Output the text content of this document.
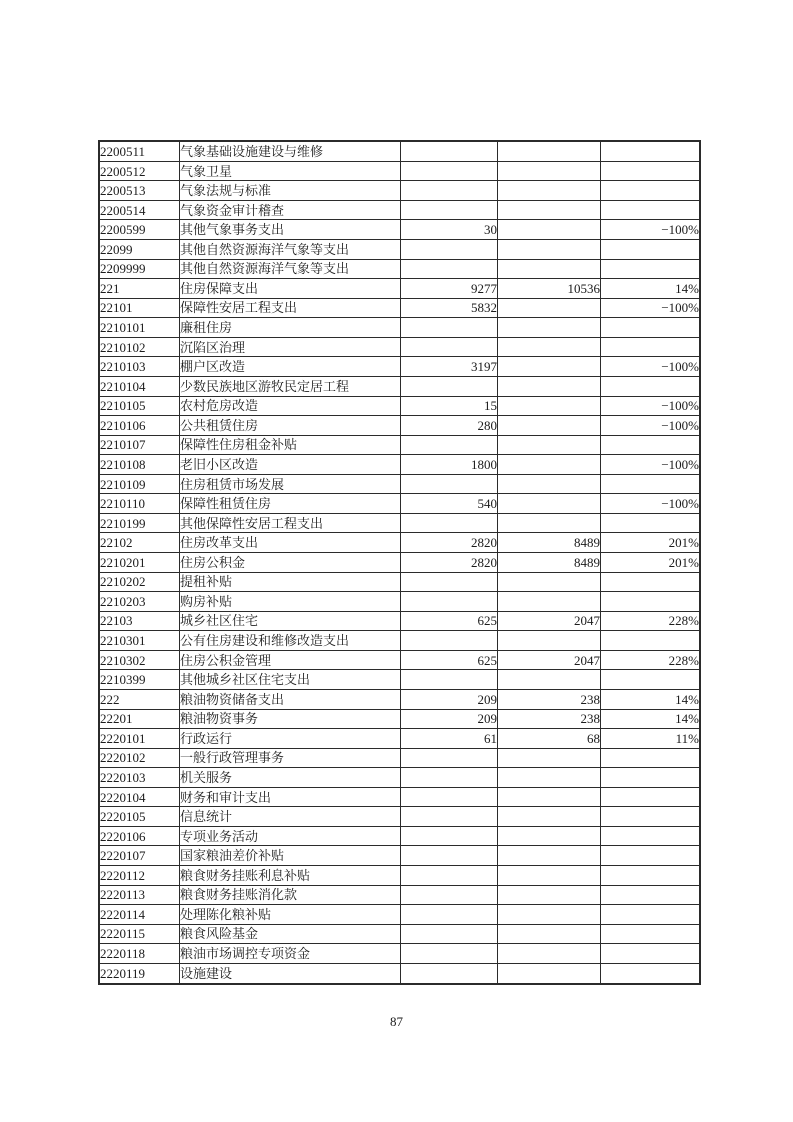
2200511	气象基础设施建设与维修			
2200512	气象卫星			
2200513	气象法规与标准			
2200514	气象资金审计稽查			
2200599	其他气象事务支出	30		−100%
22099	其他自然资源海洋气象等支出			
2209999	其他自然资源海洋气象等支出			
221	住房保障支出	9277	10536	14%
22101	保障性安居工程支出	5832		−100%
2210101	廉租住房			
2210102	沉陷区治理			
2210103	棚户区改造	3197		−100%
2210104	少数民族地区游牧民定居工程			
2210105	农村危房改造	15		−100%
2210106	公共租赁住房	280		−100%
2210107	保障性住房租金补贴			
2210108	老旧小区改造	1800		−100%
2210109	住房租赁市场发展			
2210110	保障性租赁住房	540		−100%
2210199	其他保障性安居工程支出			
22102	住房改革支出	2820	8489	201%
2210201	住房公积金	2820	8489	201%
2210202	提租补贴			
2210203	购房补贴			
22103	城乡社区住宅	625	2047	228%
2210301	公有住房建设和维修改造支出			
2210302	住房公积金管理	625	2047	228%
2210399	其他城乡社区住宅支出			
222	粮油物资储备支出	209	238	14%
22201	粮油物资事务	209	238	14%
2220101	行政运行	61	68	11%
2220102	一般行政管理事务			
2220103	机关服务			
2220104	财务和审计支出			
2220105	信息统计			
2220106	专项业务活动			
2220107	国家粮油差价补贴			
2220112	粮食财务挂账利息补贴			
2220113	粮食财务挂账消化款			
2220114	处理陈化粮补贴			
2220115	粮食风险基金			
2220118	粮油市场调控专项资金			
2220119	设施建设			
87
